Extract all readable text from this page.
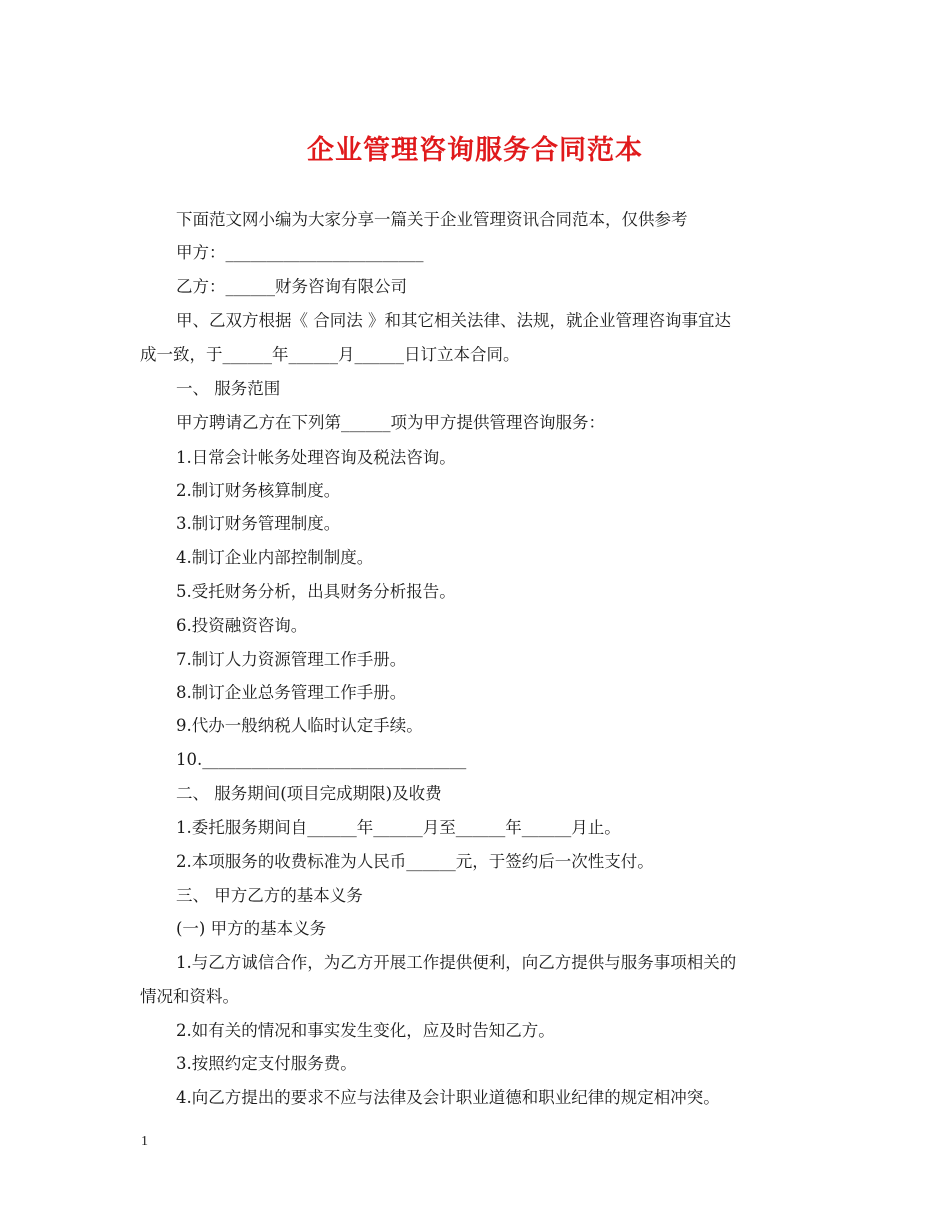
企业管理咨询服务合同范本
下面范文网小编为大家分享一篇关于企业管理资讯合同范本，仅供参考
甲方：________________________
乙方：______财务咨询有限公司
甲、乙双方根据《 合同法 》和其它相关法律、法规，就企业管理咨询事宜达
成一致，于______年______月______日订立本合同。
一、 服务范围
甲方聘请乙方在下列第______项为甲方提供管理咨询服务：
1.日常会计帐务处理咨询及税法咨询。
2.制订财务核算制度。
3.制订财务管理制度。
4.制订企业内部控制制度。
5.受托财务分析，出具财务分析报告。
6.投资融资咨询。
7.制订人力资源管理工作手册。
8.制订企业总务管理工作手册。
9.代办一般纳税人临时认定手续。
10.________________________________
二、 服务期间(项目完成期限)及收费
1.委托服务期间自______年______月至______年______月止。
2.本项服务的收费标准为人民币______元，于签约后一次性支付。
三、 甲方乙方的基本义务
(一) 甲方的基本义务
1.与乙方诚信合作，为乙方开展工作提供便利，向乙方提供与服务事项相关的
情况和资料。
2.如有关的情况和事实发生变化，应及时告知乙方。
3.按照约定支付服务费。
4.向乙方提出的要求不应与法律及会计职业道德和职业纪律的规定相冲突。
1
